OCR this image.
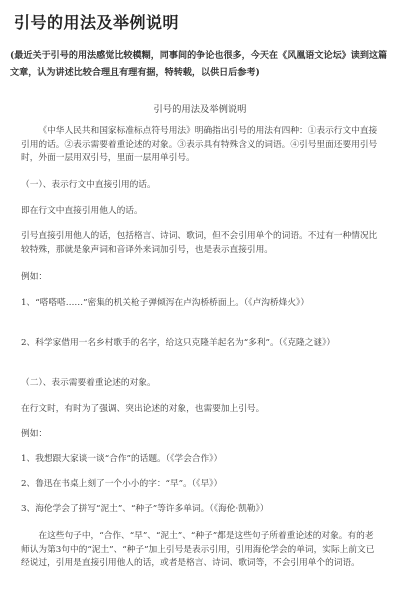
引号的用法及举例说明
(最近关于引号的用法感觉比较模糊，同事间的争论也很多，今天在《风凰语文论坛》读到这篇文章，认为讲述比较合理且有理有据，特转载，以供日后参考)
引号的用法及举例说明
《中华人民共和国家标准标点符号用法》明确指出引号的用法有四种：①表示行文中直接引用的话。②表示需要着重论述的对象。③表示具有特殊含义的词语。④引号里面还要用引号时，外面一层用双引号，里面一层用单引号。
（一）、表示行文中直接引用的话。
即在行文中直接引用他人的话。
引号直接引用他人的话，包括格言、诗词、歌词，但不会引用单个的词语。不过有一种情况比较特殊，那就是象声词和音译外来词加引号，也是表示直接引用。
例如：
1、“嗒嗒嗒……”密集的机关枪子弹倾泻在卢沟桥桥面上。（《卢沟桥烽火》）
2、科学家借用一名乡村歌手的名字，给这只克隆羊起名为“多利”。（《克隆之谜》）
（二）、表示需要着重论述的对象。
在行文时，有时为了强调、突出论述的对象，也需要加上引号。
例如：
1、我想跟大家谈一谈“合作”的话题。（《学会合作》）
2、鲁迅在书桌上刻了一个小小的字：“早”。（《早》）
3、海伦学会了拼写“泥土”、“种子”等许多单词。（《海伦·凯勒》）
在这些句子中，“合作、“早”、“泥土”、“种子”都是这些句子所着重论述的对象。有的老师认为第3句中的“泥土”、“种子”加上引号是表示引用，引用海伦学会的单词，实际上前文已经说过，引用是直接引用他人的话，或者是格言、诗词、歌词等，不会引用单个的词语。
